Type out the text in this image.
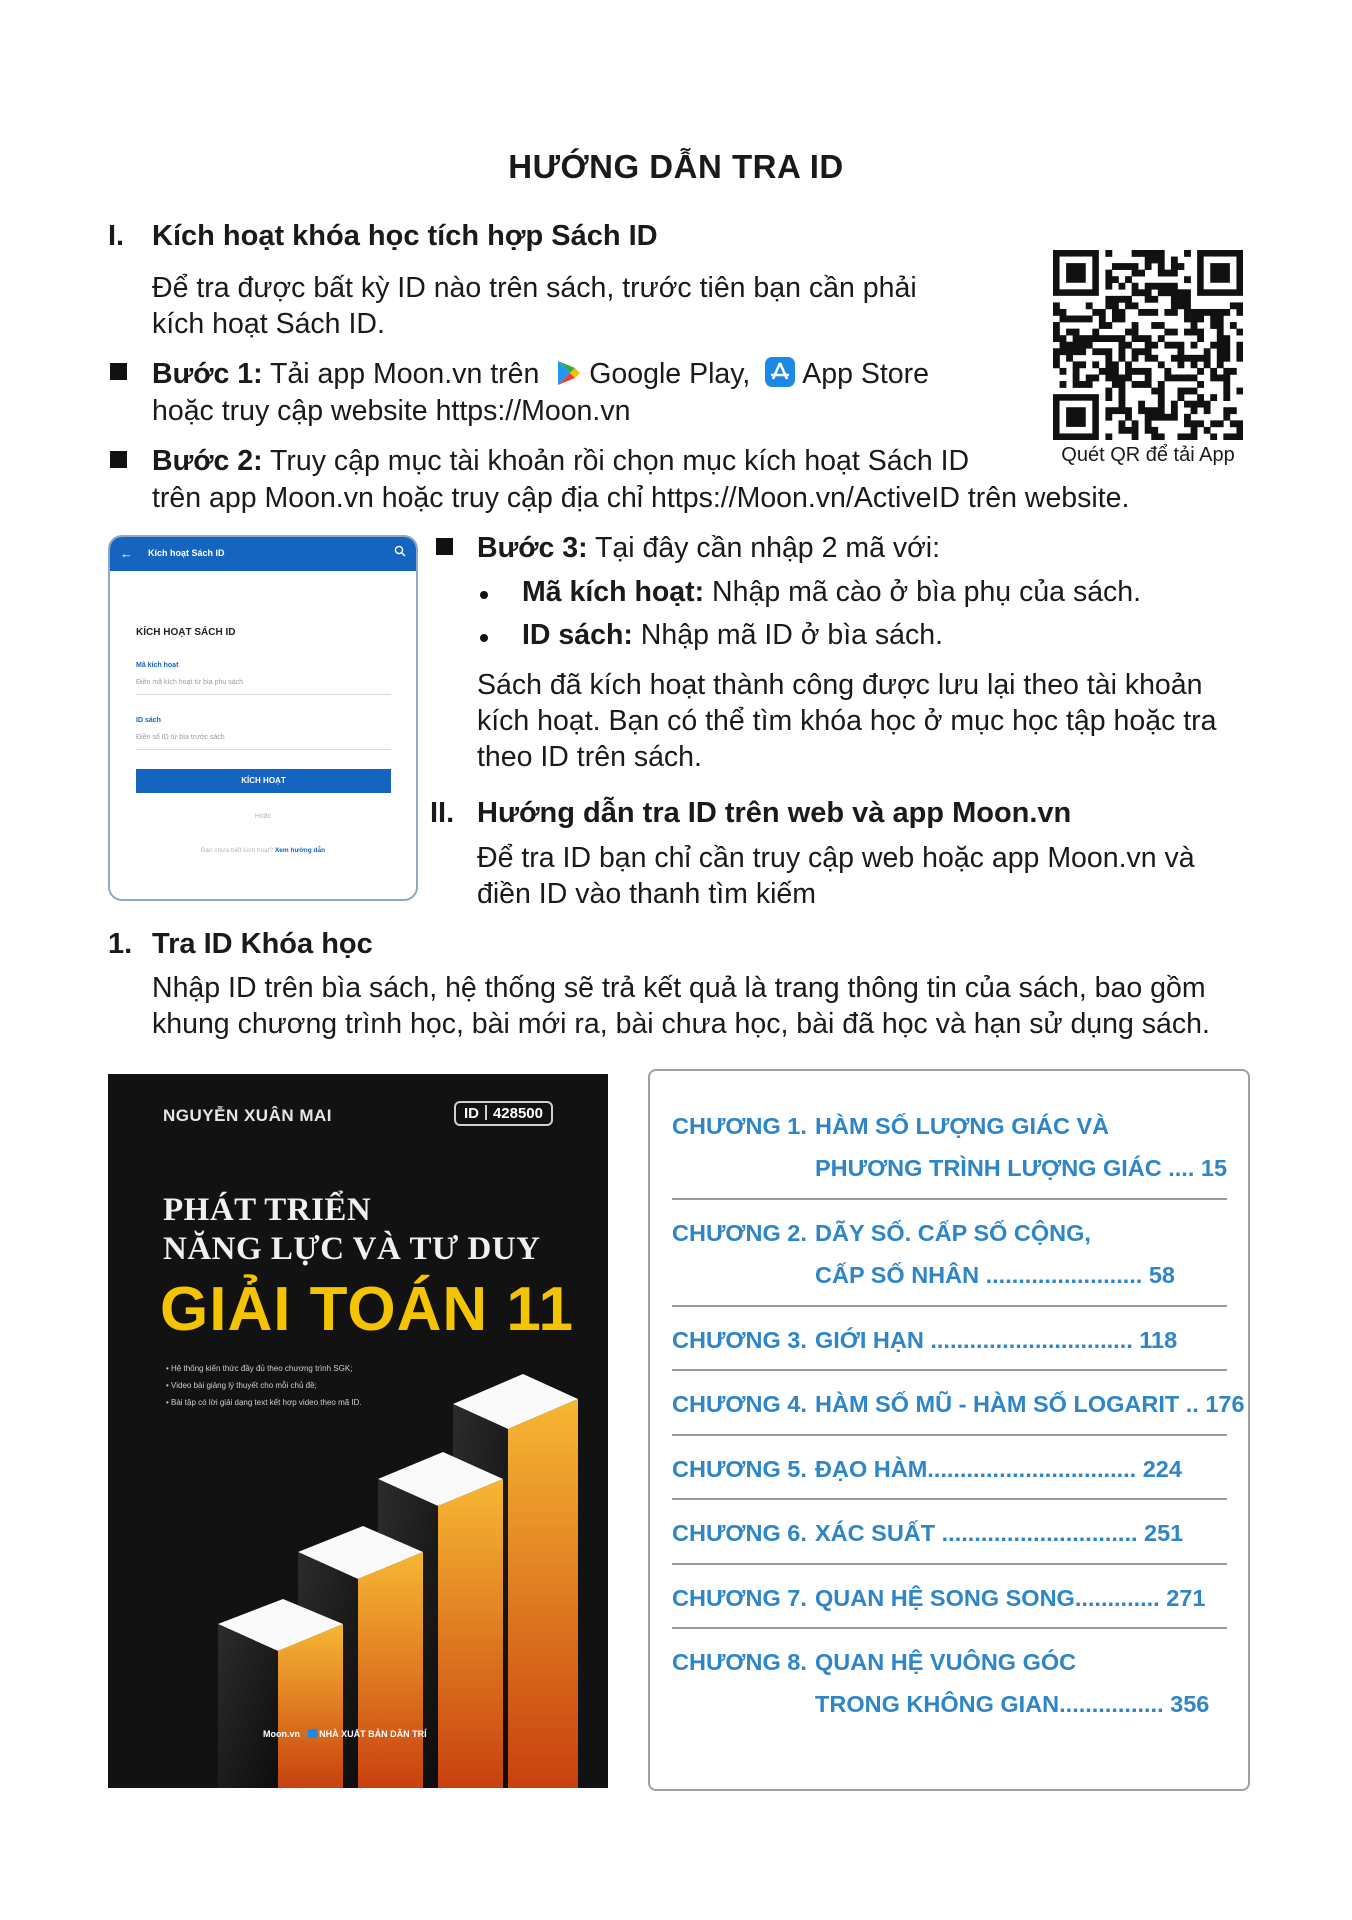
HƯỚNG DẪN TRA ID
I. Kích hoạt khóa học tích hợp Sách ID
Để tra được bất kỳ ID nào trên sách, trước tiên bạn cần phải
kích hoạt Sách ID.
Bước 1: Tải app Moon.vn trên Google Play, App Store
hoặc truy cập website https://Moon.vn
Bước 2: Truy cập mục tài khoản rồi chọn mục kích hoạt Sách ID
trên app Moon.vn hoặc truy cập địa chỉ https://Moon.vn/ActiveID trên website.
Quét QR để tải App
← Kích hoạt Sách ID
KÍCH HOẠT SÁCH ID
Mã kích hoạt
Điền mã kích hoạt từ bìa phụ sách
ID sách
Điền số ID từ bìa trước sách
KÍCH HOẠT
Hoặc
Bạn chưa biết kích hoạt? Xem hướng dẫn
Bước 3: Tại đây cần nhập 2 mã với:
Mã kích hoạt: Nhập mã cào ở bìa phụ của sách.
ID sách: Nhập mã ID ở bìa sách.
Sách đã kích hoạt thành công được lưu lại theo tài khoản
kích hoạt. Bạn có thể tìm khóa học ở mục học tập hoặc tra
theo ID trên sách.
II. Hướng dẫn tra ID trên web và app Moon.vn
Để tra ID bạn chỉ cần truy cập web hoặc app Moon.vn và
điền ID vào thanh tìm kiếm
1. Tra ID Khóa học
Nhập ID trên bìa sách, hệ thống sẽ trả kết quả là trang thông tin của sách, bao gồm
khung chương trình học, bài mới ra, bài chưa học, bài đã học và hạn sử dụng sách.
NGUYỄN XUÂN MAI	ID 428500
PHÁT TRIỂN
NĂNG LỰC VÀ TƯ DUY
GIẢI TOÁN 11
• Hệ thống kiến thức đầy đủ theo chương trình SGK;
• Video bài giảng lý thuyết cho mỗi chủ đề;
• Bài tập có lời giải dạng text kết hợp video theo mã ID.
Moon.vn | NHÀ XUẤT BẢN DÂN TRÍ
CHƯƠNG 1. HÀM SỐ LƯỢNG GIÁC VÀ
PHƯƠNG TRÌNH LƯỢNG GIÁC .... 15
CHƯƠNG 2. DÃY SỐ. CẤP SỐ CỘNG,
CẤP SỐ NHÂN ........................ 58
CHƯƠNG 3. GIỚI HẠN ............................... 118
CHƯƠNG 4. HÀM SỐ MŨ - HÀM SỐ LOGARIT .. 176
CHƯƠNG 5. ĐẠO HÀM................................ 224
CHƯƠNG 6. XÁC SUẤT .............................. 251
CHƯƠNG 7. QUAN HỆ SONG SONG............. 271
CHƯƠNG 8. QUAN HỆ VUÔNG GÓC
TRONG KHÔNG GIAN................ 356
